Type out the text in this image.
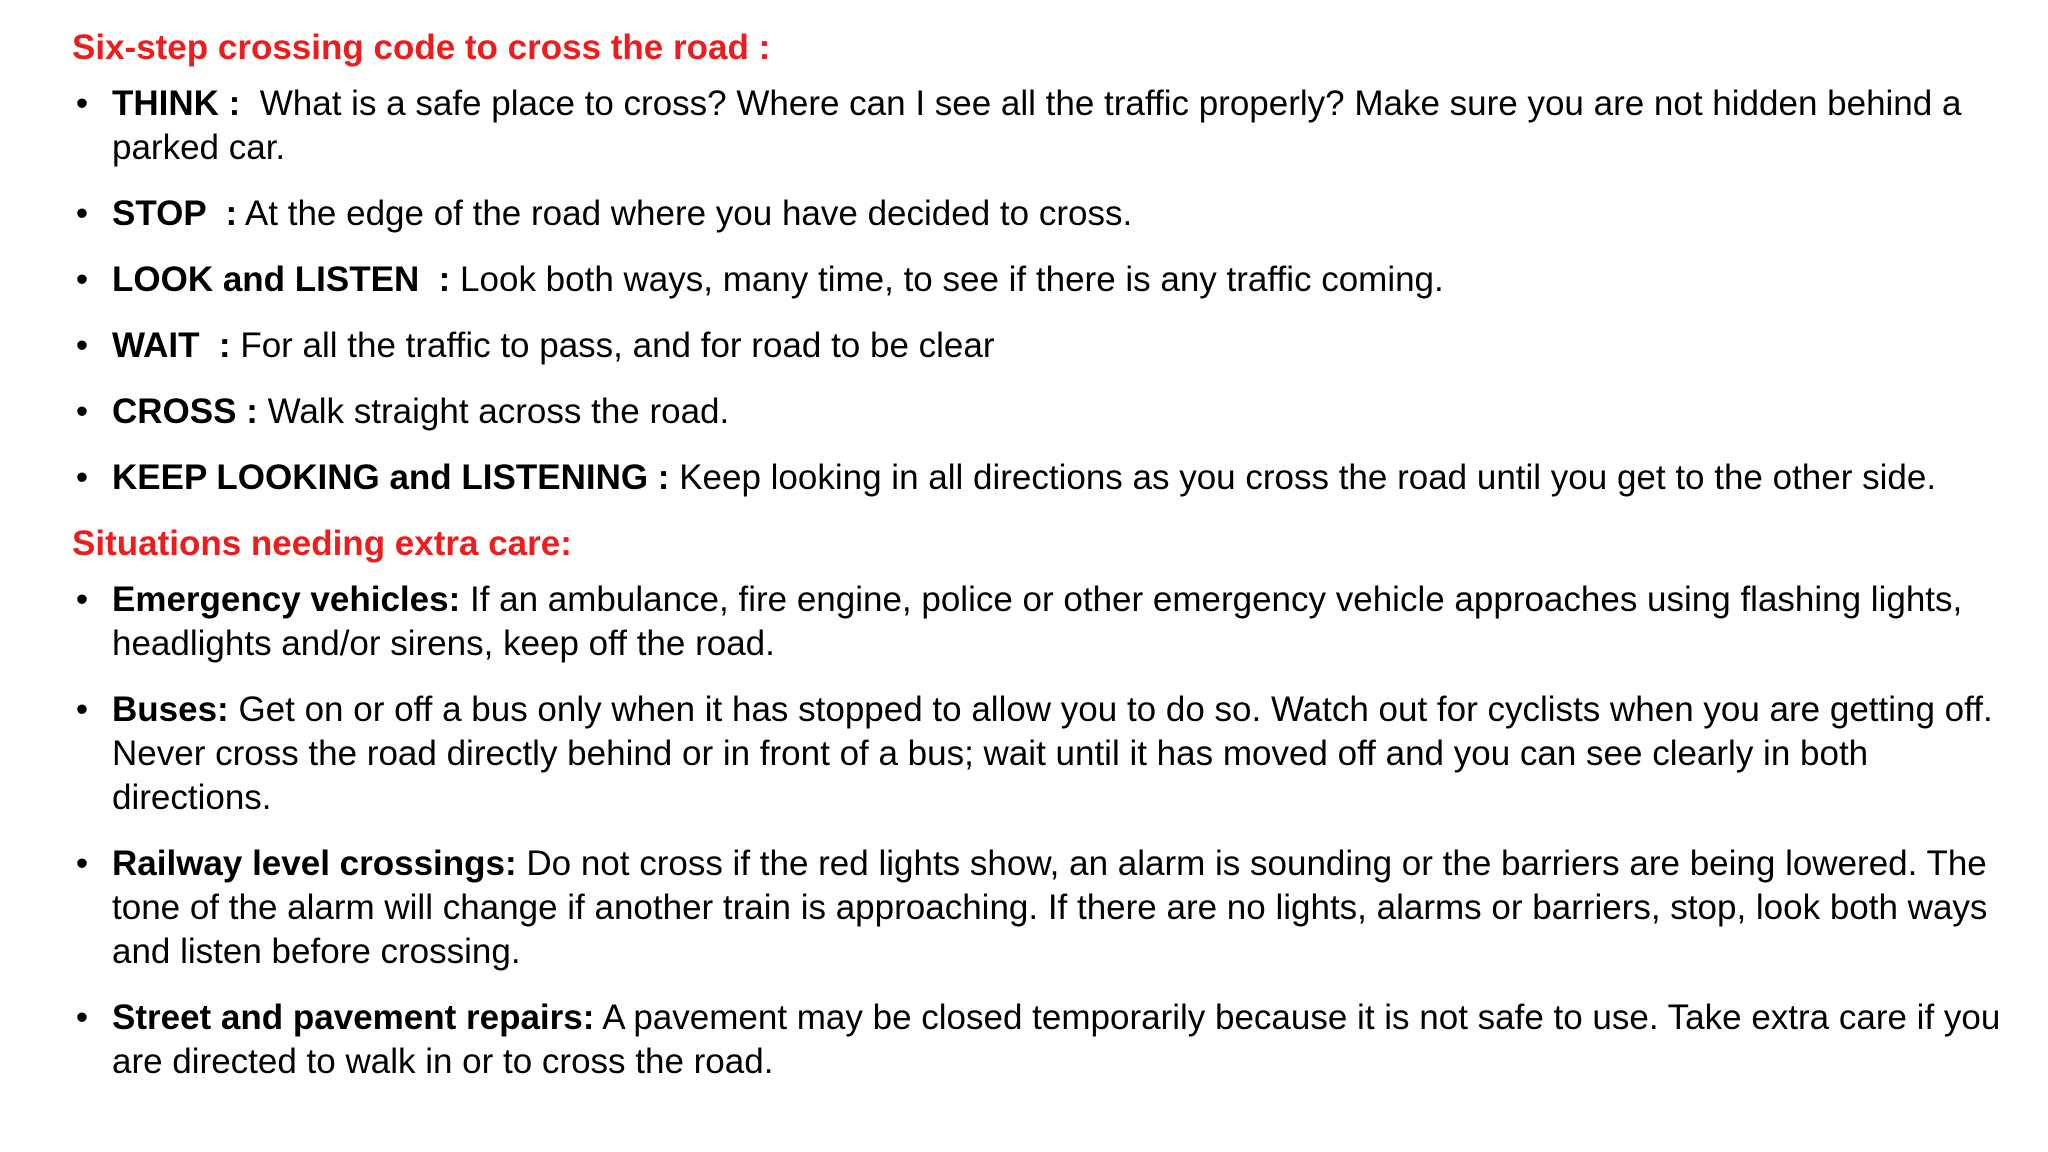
Six-step crossing code to cross the road :
• THINK :  What is a safe place to cross? Where can I see all the traffic properly? Make sure you are not hidden behind a parked car.
• STOP  : At the edge of the road where you have decided to cross.
• LOOK and LISTEN  : Look both ways, many time, to see if there is any traffic coming.
• WAIT  : For all the traffic to pass, and for road to be clear
• CROSS : Walk straight across the road.
• KEEP LOOKING and LISTENING : Keep looking in all directions as you cross the road until you get to the other side.
Situations needing extra care:
• Emergency vehicles: If an ambulance, fire engine, police or other emergency vehicle approaches using flashing lights, headlights and/or sirens, keep off the road.
• Buses: Get on or off a bus only when it has stopped to allow you to do so. Watch out for cyclists when you are getting off. Never cross the road directly behind or in front of a bus; wait until it has moved off and you can see clearly in both directions.
• Railway level crossings: Do not cross if the red lights show, an alarm is sounding or the barriers are being lowered. The tone of the alarm will change if another train is approaching. If there are no lights, alarms or barriers, stop, look both ways and listen before crossing.
• Street and pavement repairs: A pavement may be closed temporarily because it is not safe to use. Take extra care if you are directed to walk in or to cross the road.
